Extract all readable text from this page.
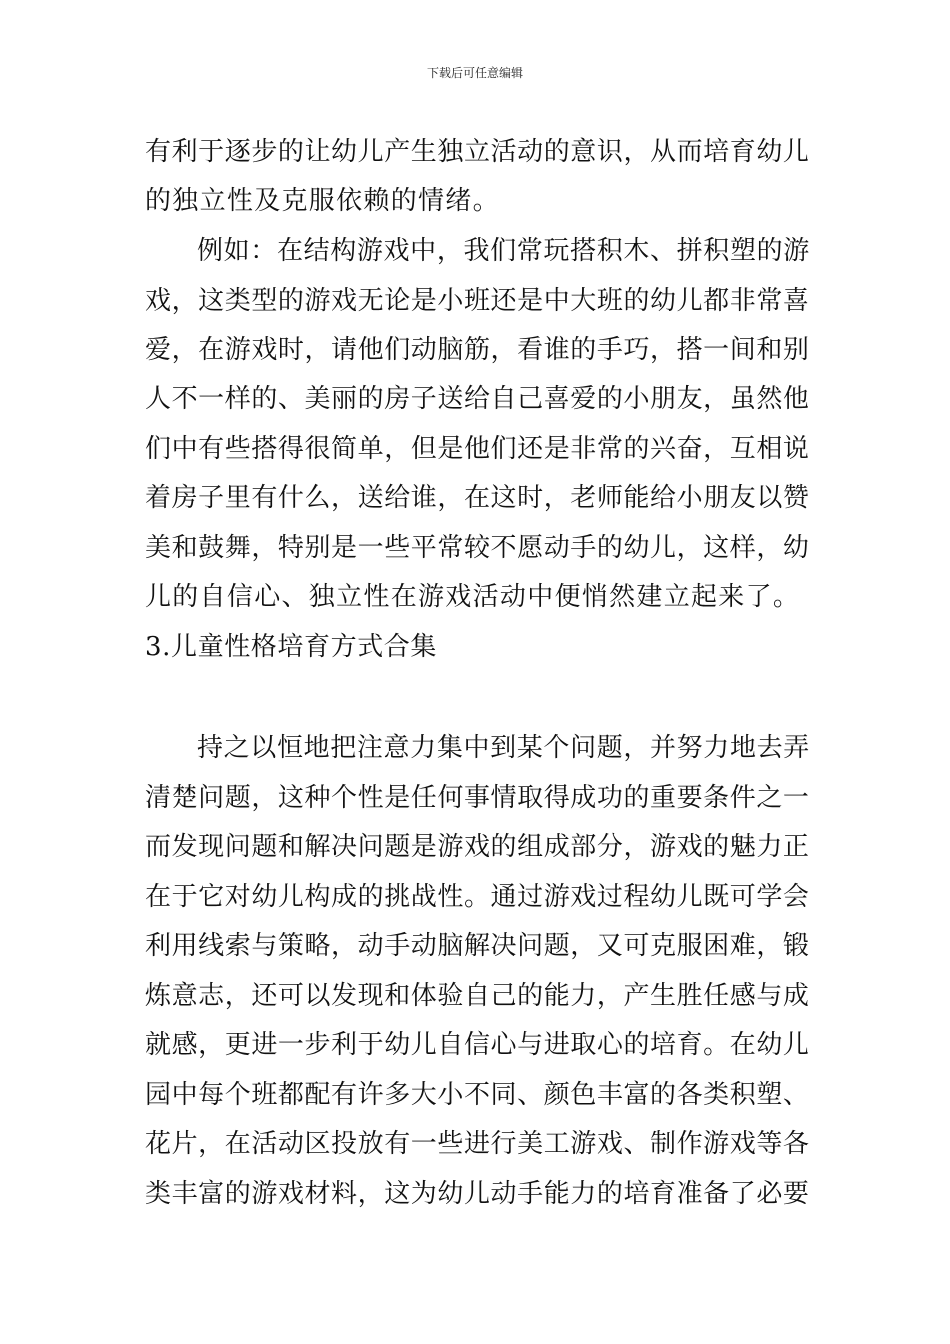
下载后可任意编辑
有利于逐步的让幼儿产生独立活动的意识，从而培育幼儿
的独立性及克服依赖的情绪。
例如：在结构游戏中，我们常玩搭积木、拼积塑的游
戏，这类型的游戏无论是小班还是中大班的幼儿都非常喜
爱，在游戏时，请他们动脑筋，看谁的手巧，搭一间和别
人不一样的、美丽的房子送给自己喜爱的小朋友，虽然他
们中有些搭得很简单，但是他们还是非常的兴奋，互相说
着房子里有什么，送给谁，在这时，老师能给小朋友以赞
美和鼓舞，特别是一些平常较不愿动手的幼儿，这样，幼
儿的自信心、独立性在游戏活动中便悄然建立起来了。
3.儿童性格培育方式合集
持之以恒地把注意力集中到某个问题，并努力地去弄
清楚问题，这种个性是任何事情取得成功的重要条件之一
而发现问题和解决问题是游戏的组成部分，游戏的魅力正
在于它对幼儿构成的挑战性。通过游戏过程幼儿既可学会
利用线索与策略，动手动脑解决问题，又可克服困难，锻
炼意志，还可以发现和体验自己的能力，产生胜任感与成
就感，更进一步利于幼儿自信心与进取心的培育。在幼儿
园中每个班都配有许多大小不同、颜色丰富的各类积塑、
花片，在活动区投放有一些进行美工游戏、制作游戏等各
类丰富的游戏材料，这为幼儿动手能力的培育准备了必要
